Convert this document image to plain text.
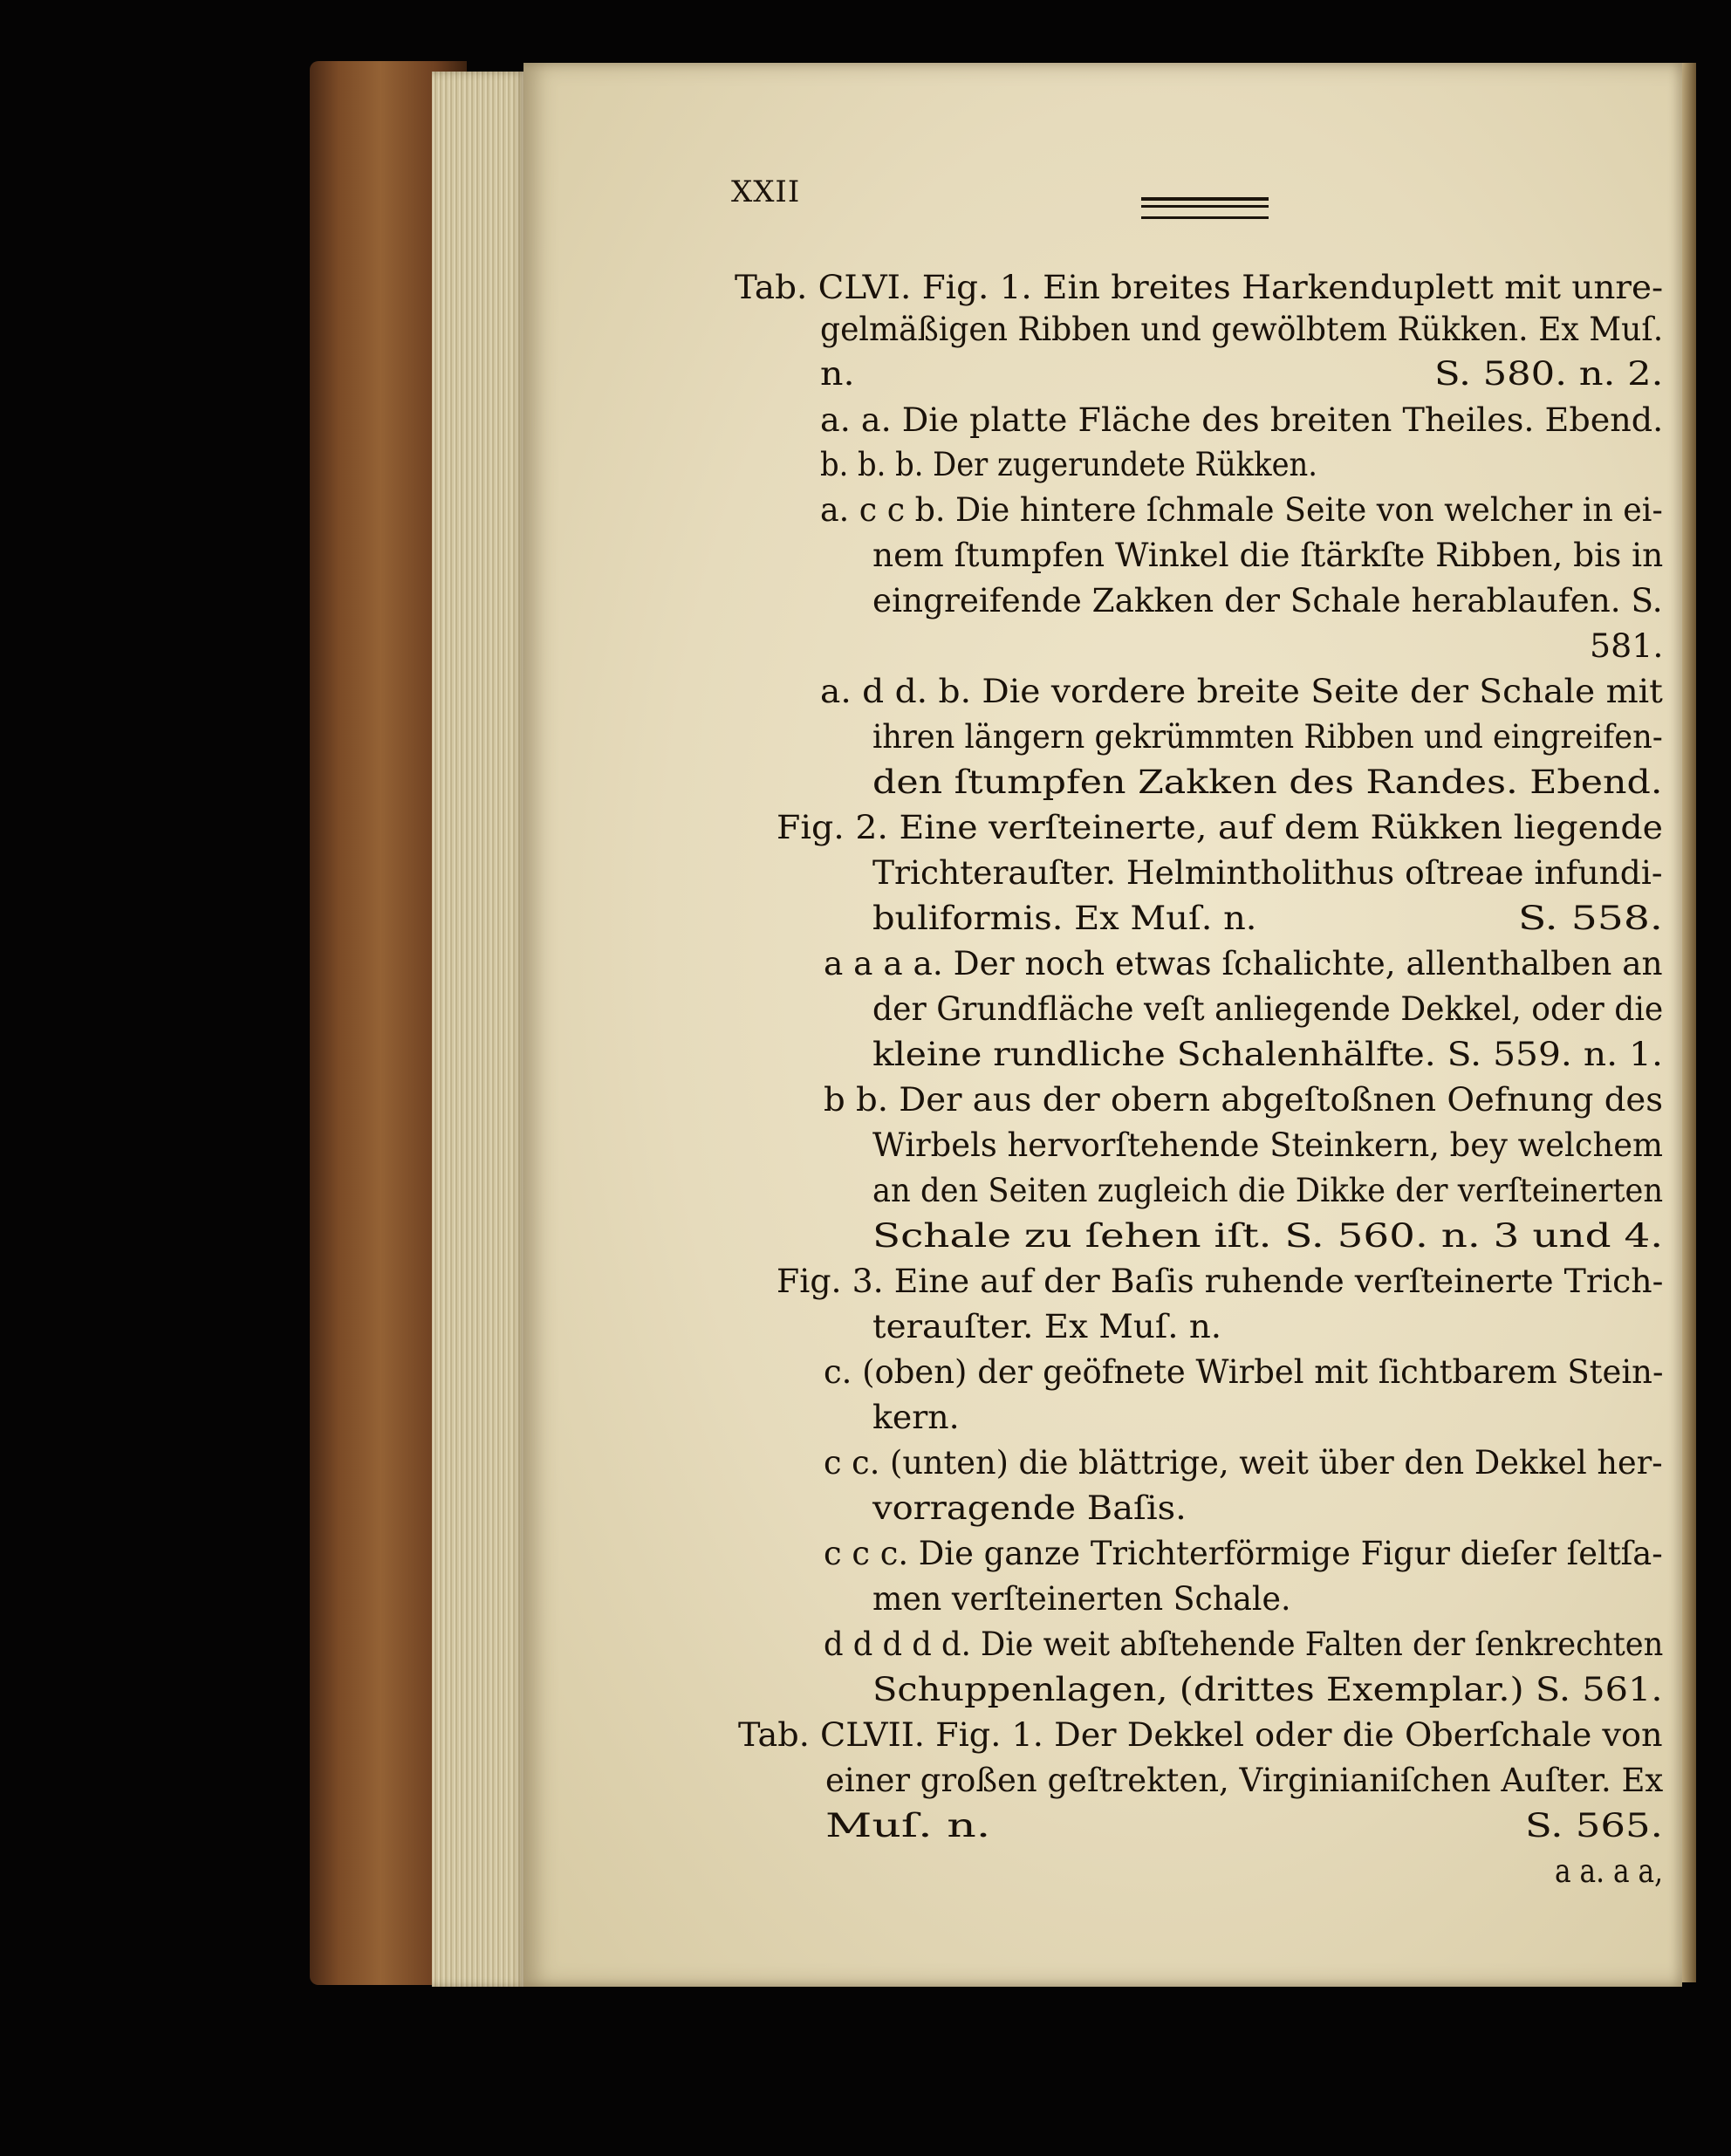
XXII
Tab. CLVI. Fig. 1. Ein breites Harkenduplett mit unre-
gelmäßigen Ribben und gewölbtem Rükken. Ex Muſ.
n.	S. 580. n. 2.
a. a. Die platte Fläche des breiten Theiles. Ebend.
b. b. b. Der zugerundete Rükken.
a. c c b. Die hintere ſchmale Seite von welcher in ei-
nem ſtumpfen Winkel die ſtärkſte Ribben, bis in
eingreifende Zakken der Schale herablaufen. S.
581.
a. d d. b. Die vordere breite Seite der Schale mit
ihren längern gekrümmten Ribben und eingreifen-
den ſtumpfen Zakken des Randes. Ebend.
Fig. 2. Eine verſteinerte, auf dem Rükken liegende
Trichterauſter. Helmintholithus oſtreae infundi-
buliformis. Ex Muſ. n.	S. 558.
a a a a. Der noch etwas ſchalichte, allenthalben an
der Grundfläche veſt anliegende Dekkel, oder die
kleine rundliche Schalenhälfte. S. 559. n. 1.
b b. Der aus der obern abgeſtoßnen Oefnung des
Wirbels hervorſtehende Steinkern, bey welchem
an den Seiten zugleich die Dikke der verſteinerten
Schale zu ſehen iſt. S. 560. n. 3 und 4.
Fig. 3. Eine auf der Baſis ruhende verſteinerte Trich-
terauſter. Ex Muſ. n.
c. (oben) der geöfnete Wirbel mit ſichtbarem Stein-
kern.
c c. (unten) die blättrige, weit über den Dekkel her-
vorragende Baſis.
c c c. Die ganze Trichterförmige Figur dieſer ſeltſa-
men verſteinerten Schale.
d d d d d. Die weit abſtehende Falten der ſenkrechten
Schuppenlagen, (drittes Exemplar.) S. 561.
Tab. CLVII. Fig. 1. Der Dekkel oder die Oberſchale von
einer großen geſtrekten, Virginianiſchen Auſter. Ex
Muſ. n.	S. 565.
a a. a a,
